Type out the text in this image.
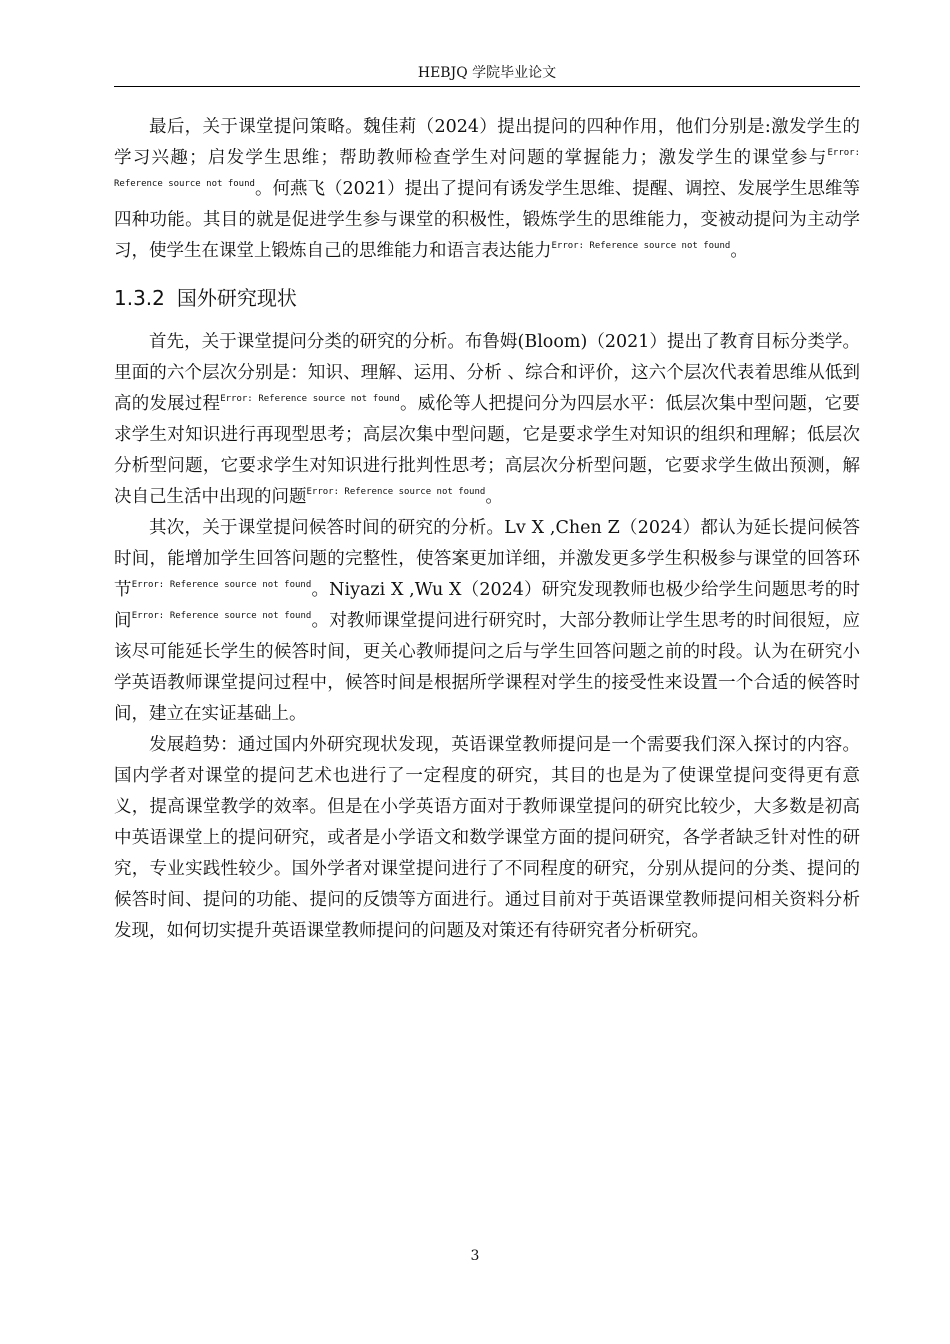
HEBJQ 学院毕业论文

最后，关于课堂提问策略。魏佳莉（2024）提出提问的四种作用，他们分别是:激发学生的学习兴趣；启发学生思维；帮助教师检查学生对问题的掌握能力；激发学生的课堂参与$^{Error: Reference source not found}$。何燕飞（2021）提出了提问有诱发学生思维、提醒、调控、发展学生思维等四种功能。其目的就是促进学生参与课堂的积极性，锻炼学生的思维能力，变被动提问为主动学习，使学生在课堂上锻炼自己的思维能力和语言表达能力$^{Error: Reference source not found}$。

1.3.2 国外研究现状

首先，关于课堂提问分类的研究的分析。布鲁姆(Bloom)（2021）提出了教育目标分类学。里面的六个层次分别是：知识、理解、运用、分析 、综合和评价，这六个层次代表着思维从低到高的发展过程$^{Error: Reference source not found}$。威伦等人把提问分为四层水平：低层次集中型问题，它要求学生对知识进行再现型思考；高层次集中型问题，它是要求学生对知识的组织和理解；低层次分析型问题，它要求学生对知识进行批判性思考；高层次分析型问题，它要求学生做出预测，解决自己生活中出现的问题$^{Error: Reference source not found}$。

其次，关于课堂提问候答时间的研究的分析。Lv X ,Chen Z（2024）都认为延长提问候答时间，能增加学生回答问题的完整性，使答案更加详细，并激发更多学生积极参与课堂的回答环节$^{Error: Reference source not found}$。Niyazi X ,Wu X（2024）研究发现教师也极少给学生问题思考的时间$^{Error: Reference source not found}$。对教师课堂提问进行研究时，大部分教师让学生思考的时间很短，应该尽可能延长学生的候答时间，更关心教师提问之后与学生回答问题之前的时段。认为在研究小学英语教师课堂提问过程中，候答时间是根据所学课程对学生的接受性来设置一个合适的候答时间，建立在实证基础上。

发展趋势：通过国内外研究现状发现，英语课堂教师提问是一个需要我们深入探讨的内容。国内学者对课堂的提问艺术也进行了一定程度的研究，其目的也是为了使课堂提问变得更有意义，提高课堂教学的效率。但是在小学英语方面对于教师课堂提问的研究比较少，大多数是初高中英语课堂上的提问研究，或者是小学语文和数学课堂方面的提问研究，各学者缺乏针对性的研究，专业实践性较少。国外学者对课堂提问进行了不同程度的研究，分别从提问的分类、提问的候答时间、提问的功能、提问的反馈等方面进行。通过目前对于英语课堂教师提问相关资料分析发现，如何切实提升英语课堂教师提问的问题及对策还有待研究者分析研究。

3
